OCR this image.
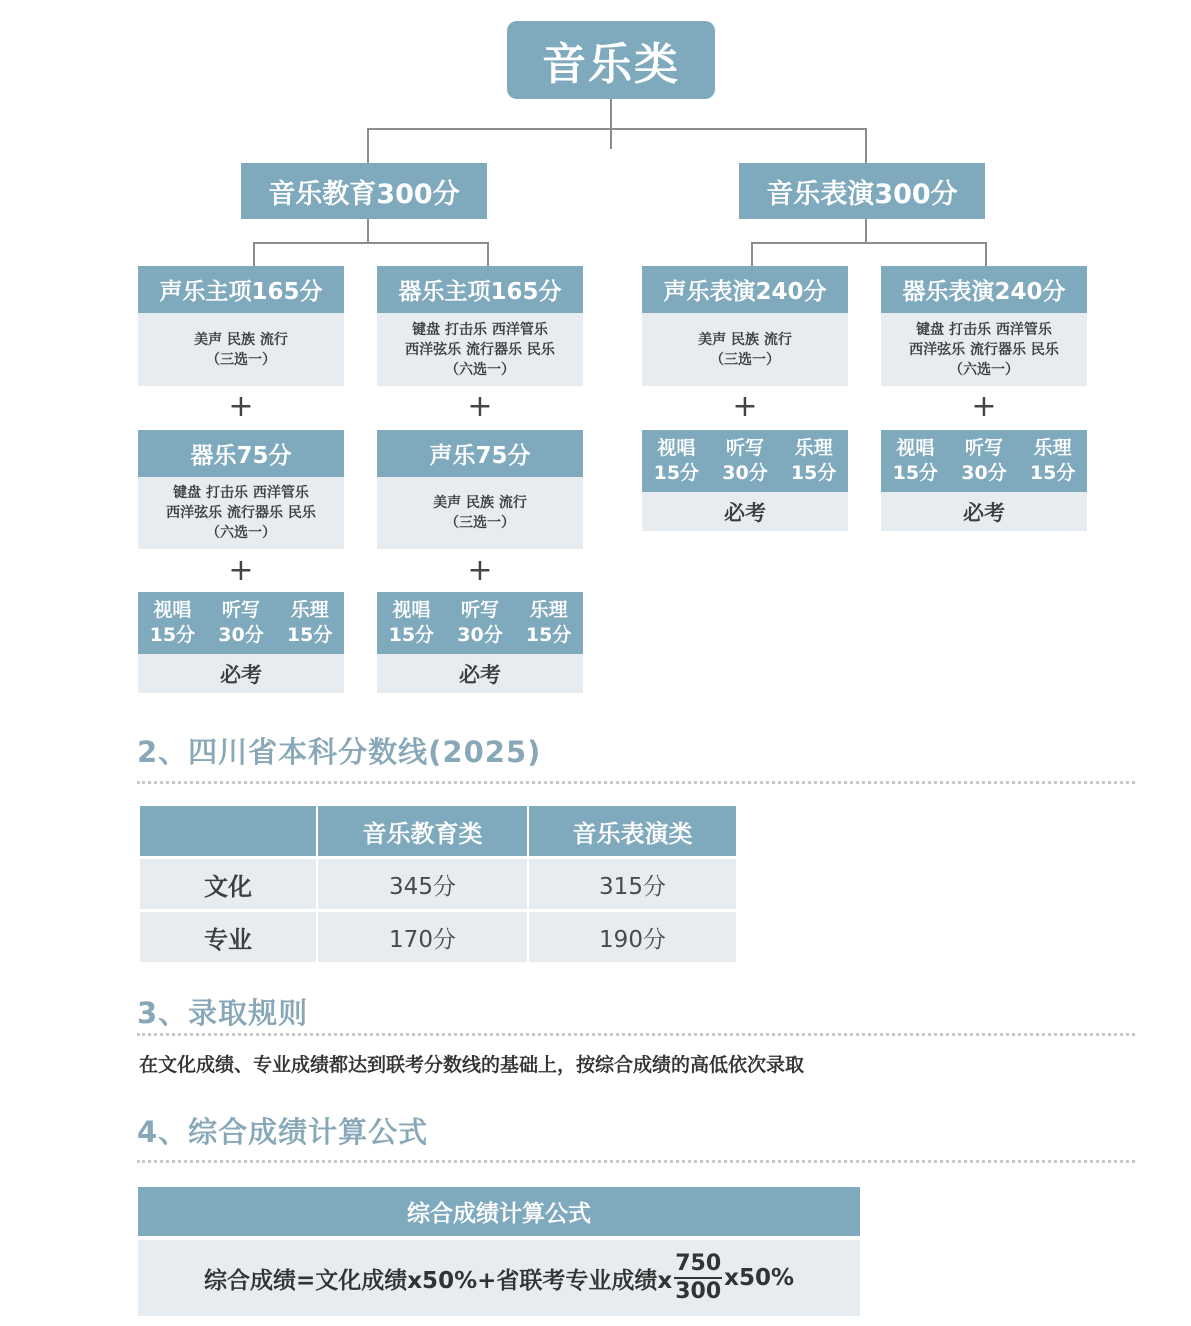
音乐类
音乐教育300分	音乐表演300分
声乐主项165分
美声 民族 流行
（三选一）
+
器乐75分
键盘 打击乐 西洋管乐
西洋弦乐 流行器乐 民乐
（六选一）
+
视唱
15分
听写
30分
乐理
15分
必考
器乐主项165分
键盘 打击乐 西洋管乐
西洋弦乐 流行器乐 民乐
（六选一）
+
声乐75分
美声 民族 流行
（三选一）
+
视唱
15分
听写
30分
乐理
15分
必考
声乐表演240分
美声 民族 流行
（三选一）
+
视唱
15分
听写
30分
乐理
15分
必考
器乐表演240分
键盘 打击乐 西洋管乐
西洋弦乐 流行器乐 民乐
（六选一）
+
视唱
15分
听写
30分
乐理
15分
必考
2、四川省本科分数线(2025)
	音乐教育类	音乐表演类
文化	345分	315分
专业	170分	190分
3、录取规则
在文化成绩、专业成绩都达到联考分数线的基础上，按综合成绩的高低依次录取
4、综合成绩计算公式
综合成绩计算公式
综合成绩=文化成绩x50%+省联考专业成绩x $\frac{750}{300} x50\%$
